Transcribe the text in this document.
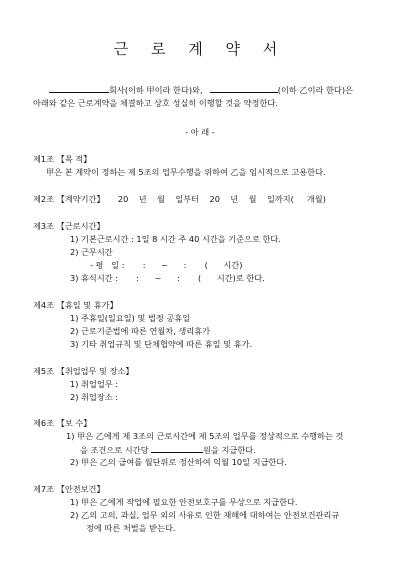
근 로 계 약 서
회사(이하 甲이라 한다)와,	(이하 乙이라 한다)은
아래와 같은 근로계약을 체결하고 상호 성실히 이행할 것을 약정한다.
- 아 래 -
제1조 【목 적】
甲은 본 계약이 정하는 제 5조의 업무수행을 위하여 乙을 임시적으로 고용한다.
제2조 【계약기간】 20    년    월    일부터    20    년    월    일까지(     개월)
제3조 【근로시간】
1) 기본근로시간 : 1일 8 시간 주 40 시간을 기준으로 한다.
2) 근무시간
- 평   일 :       :      ~      :       (      시간)
3) 휴식시간 :       :      ~      :       (      시간)로 한다.
제4조 【휴일 및 휴가】
1) 주휴일(일요일) 및 법정 공휴일
2) 근로기준법에 따른 연월차, 생리휴가
3) 기타 취업규칙 및 단체협약에 따른 휴일 및 휴가.
제5조 【취업업무 및 장소】
1) 취업업무 :
2) 취업장소 :
제6조 【보 수】
1) 甲은 乙에게 제 3조의 근로시간에 제 5조의 업무를 정상적으로 수행하는 것
을 조건으로 시간당	원을 지급한다.
2) 甲은 乙의 급여를 월단위로 정산하여 익월 10일 지급한다.
제7조 【안전보건】
1) 甲은 乙에게 작업에 필요한 안전보호구를 무상으로 지급한다.
2) 乙의 고의, 과실, 업무 외의 사유로 인한 재해에 대하여는 안전보건관리규
정에 따른 처벌을 받는다.
